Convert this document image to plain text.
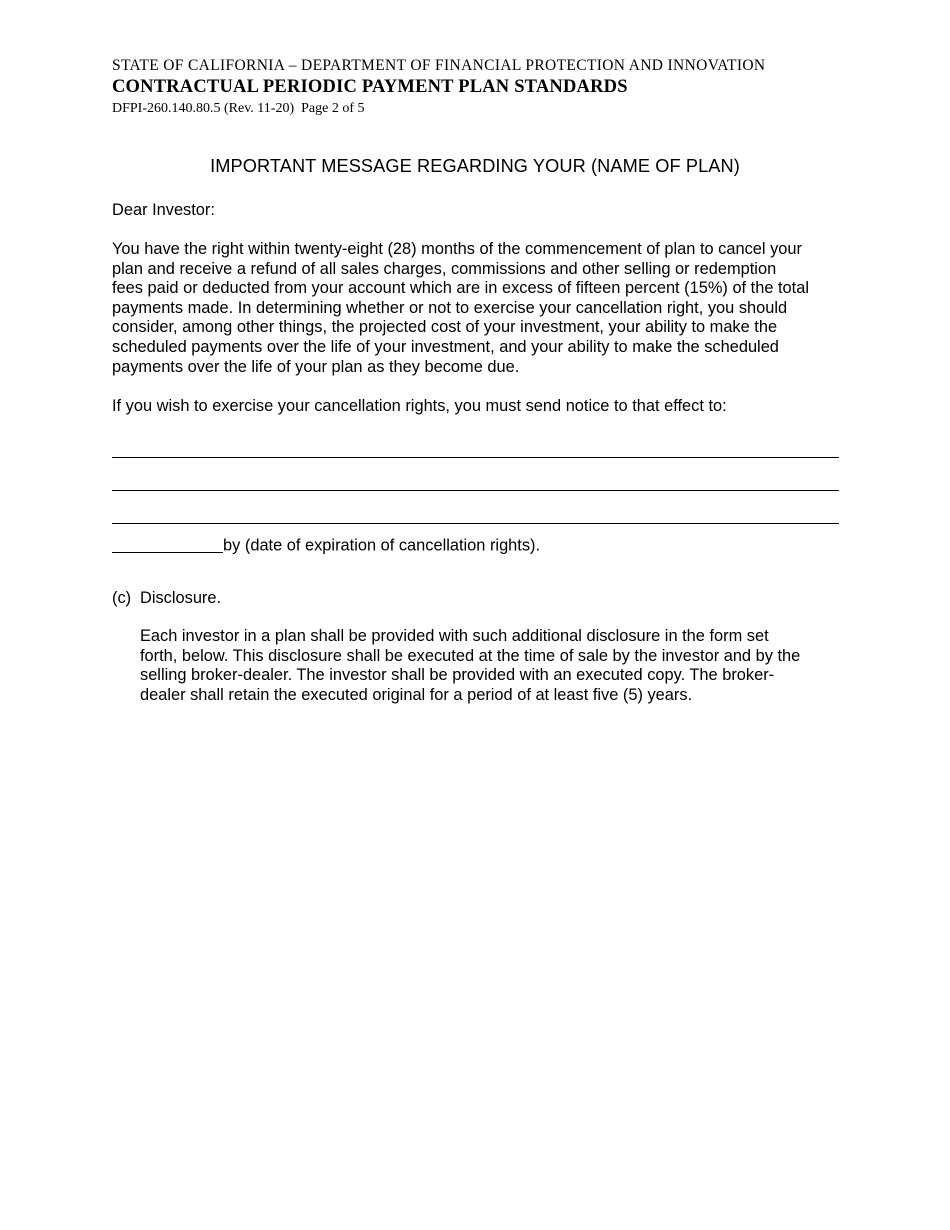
STATE OF CALIFORNIA – DEPARTMENT OF FINANCIAL PROTECTION AND INNOVATION
CONTRACTUAL PERIODIC PAYMENT PLAN STANDARDS
DFPI-260.140.80.5 (Rev. 11-20)  Page 2 of 5
IMPORTANT MESSAGE REGARDING YOUR (NAME OF PLAN)
Dear Investor:
You have the right within twenty-eight (28) months of the commencement of plan to cancel your
plan and receive a refund of all sales charges, commissions and other selling or redemption
fees paid or deducted from your account which are in excess of fifteen percent (15%) of the total
payments made. In determining whether or not to exercise your cancellation right, you should
consider, among other things, the projected cost of your investment, your ability to make the
scheduled payments over the life of your investment, and your ability to make the scheduled
payments over the life of your plan as they become due.
If you wish to exercise your cancellation rights, you must send notice to that effect to:
by (date of expiration of cancellation rights).
(c) Disclosure.
Each investor in a plan shall be provided with such additional disclosure in the form set
forth, below. This disclosure shall be executed at the time of sale by the investor and by the
selling broker-dealer. The investor shall be provided with an executed copy. The broker-
dealer shall retain the executed original for a period of at least five (5) years.
